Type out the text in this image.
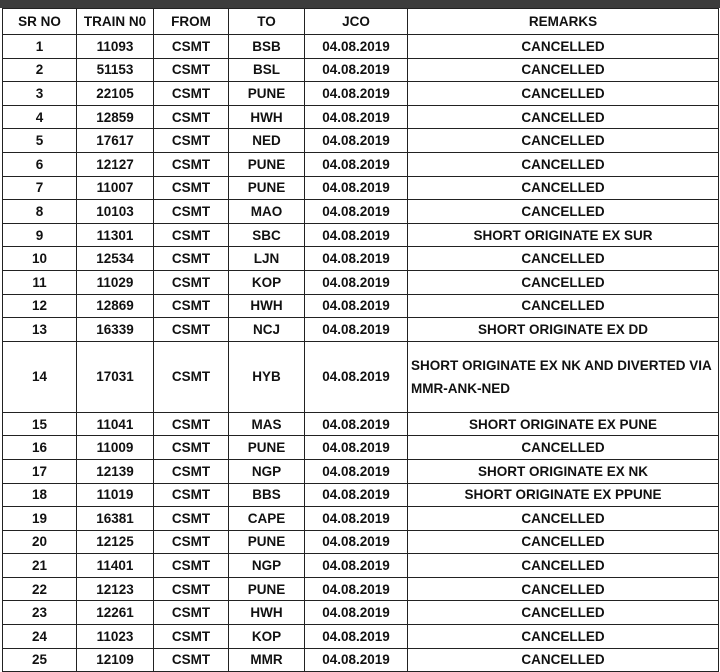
SR NO	TRAIN N0	FROM	TO	JCO	REMARKS
1	11093	CSMT	BSB	04.08.2019	CANCELLED
2	51153	CSMT	BSL	04.08.2019	CANCELLED
3	22105	CSMT	PUNE	04.08.2019	CANCELLED
4	12859	CSMT	HWH	04.08.2019	CANCELLED
5	17617	CSMT	NED	04.08.2019	CANCELLED
6	12127	CSMT	PUNE	04.08.2019	CANCELLED
7	11007	CSMT	PUNE	04.08.2019	CANCELLED
8	10103	CSMT	MAO	04.08.2019	CANCELLED
9	11301	CSMT	SBC	04.08.2019	SHORT ORIGINATE EX SUR
10	12534	CSMT	LJN	04.08.2019	CANCELLED
11	11029	CSMT	KOP	04.08.2019	CANCELLED
12	12869	CSMT	HWH	04.08.2019	CANCELLED
13	16339	CSMT	NCJ	04.08.2019	SHORT ORIGINATE EX DD
14	17031	CSMT	HYB	04.08.2019	SHORT ORIGINATE EX NK AND DIVERTED VIA MMR-ANK-NED
15	11041	CSMT	MAS	04.08.2019	SHORT ORIGINATE EX PUNE
16	11009	CSMT	PUNE	04.08.2019	CANCELLED
17	12139	CSMT	NGP	04.08.2019	SHORT ORIGINATE EX NK
18	11019	CSMT	BBS	04.08.2019	SHORT ORIGINATE EX PPUNE
19	16381	CSMT	CAPE	04.08.2019	CANCELLED
20	12125	CSMT	PUNE	04.08.2019	CANCELLED
21	11401	CSMT	NGP	04.08.2019	CANCELLED
22	12123	CSMT	PUNE	04.08.2019	CANCELLED
23	12261	CSMT	HWH	04.08.2019	CANCELLED
24	11023	CSMT	KOP	04.08.2019	CANCELLED
25	12109	CSMT	MMR	04.08.2019	CANCELLED
